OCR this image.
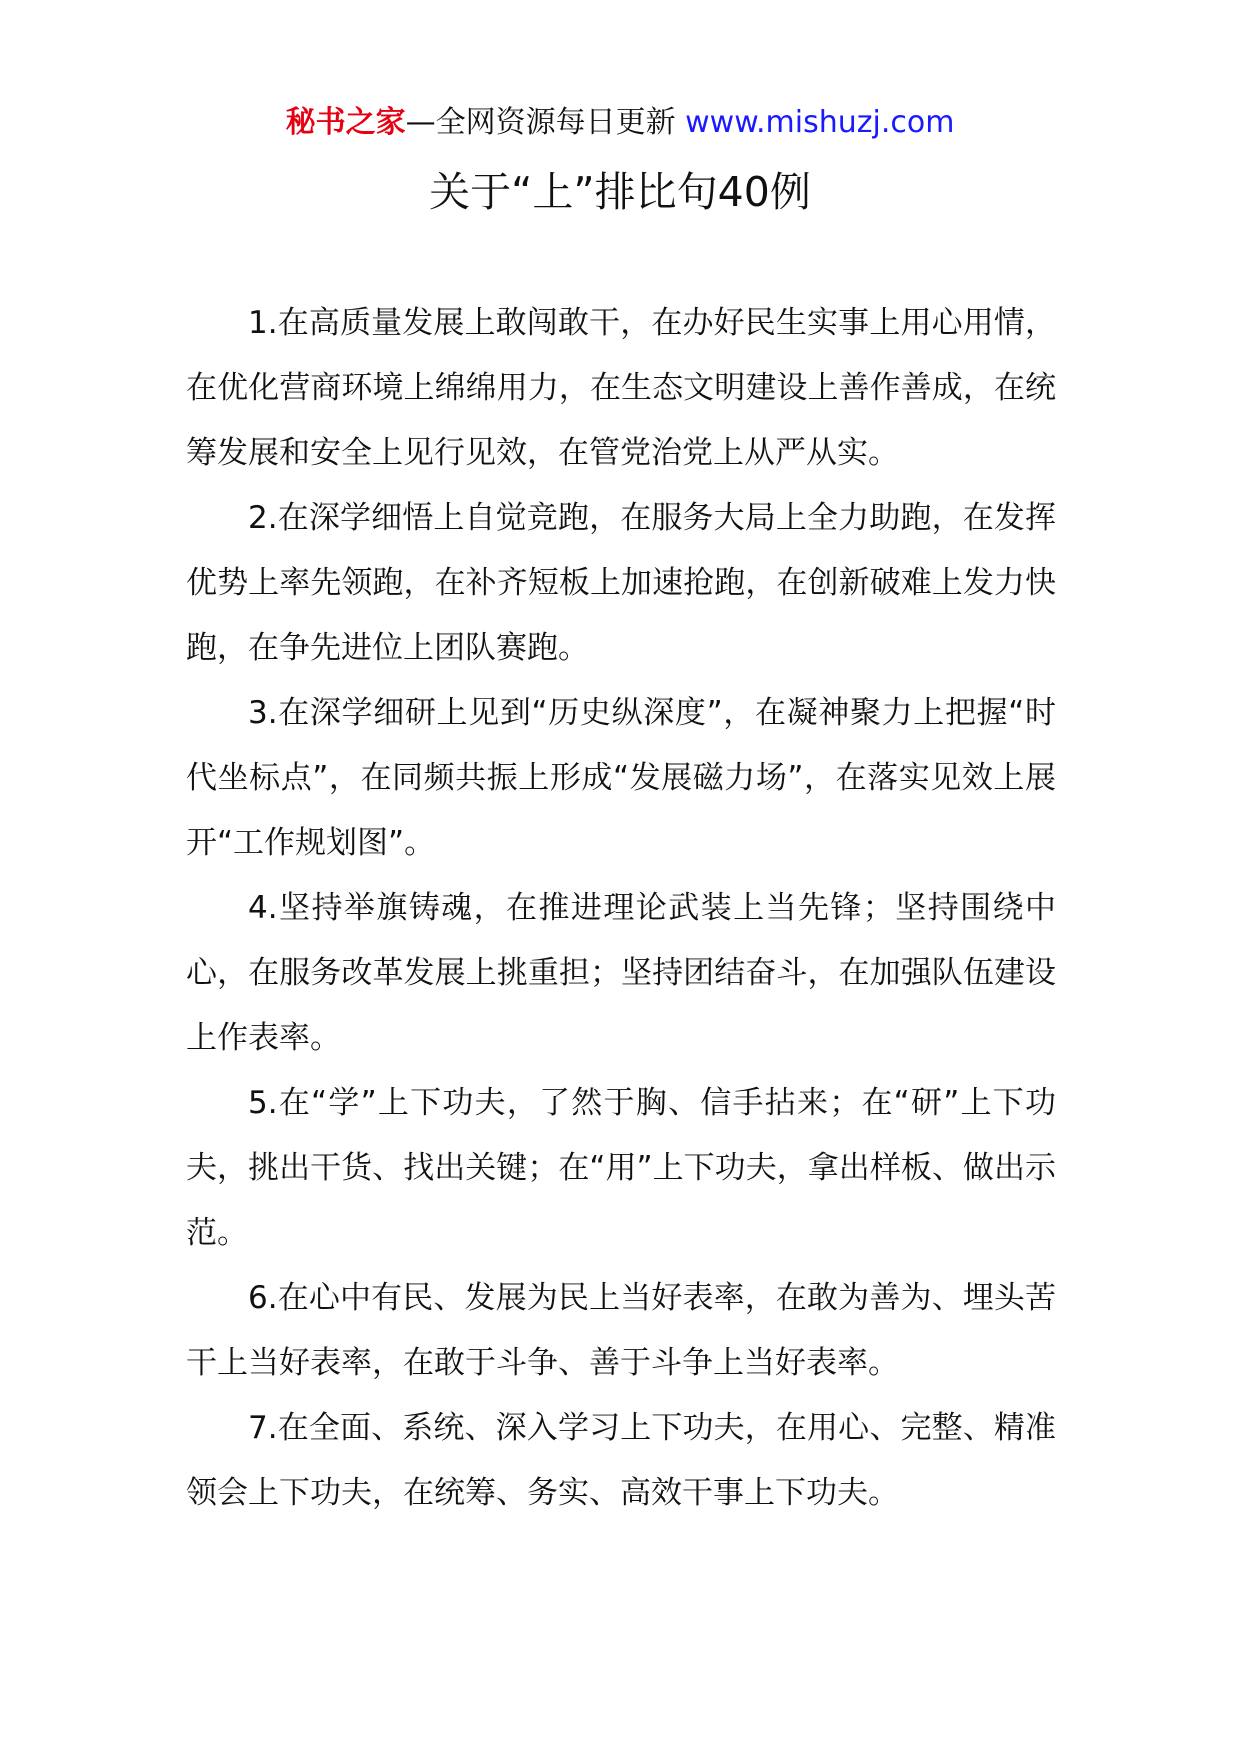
秘书之家—全网资源每日更新 www.mishuzj.com
关于“上”排比句40例

1.在高质量发展上敢闯敢干，在办好民生实事上用心用情，在优化营商环境上绵绵用力，在生态文明建设上善作善成，在统筹发展和安全上见行见效，在管党治党上从严从实。

2.在深学细悟上自觉竞跑，在服务大局上全力助跑，在发挥优势上率先领跑，在补齐短板上加速抢跑，在创新破难上发力快跑，在争先进位上团队赛跑。

3.在深学细研上见到“历史纵深度”，在凝神聚力上把握“时代坐标点”，在同频共振上形成“发展磁力场”，在落实见效上展开“工作规划图”。

4.坚持举旗铸魂，在推进理论武装上当先锋；坚持围绕中心，在服务改革发展上挑重担；坚持团结奋斗，在加强队伍建设上作表率。

5.在“学”上下功夫，了然于胸、信手拈来；在“研”上下功夫，挑出干货、找出关键；在“用”上下功夫，拿出样板、做出示范。

6.在心中有民、发展为民上当好表率，在敢为善为、埋头苦干上当好表率，在敢于斗争、善于斗争上当好表率。

7.在全面、系统、深入学习上下功夫，在用心、完整、精准领会上下功夫，在统筹、务实、高效干事上下功夫。
